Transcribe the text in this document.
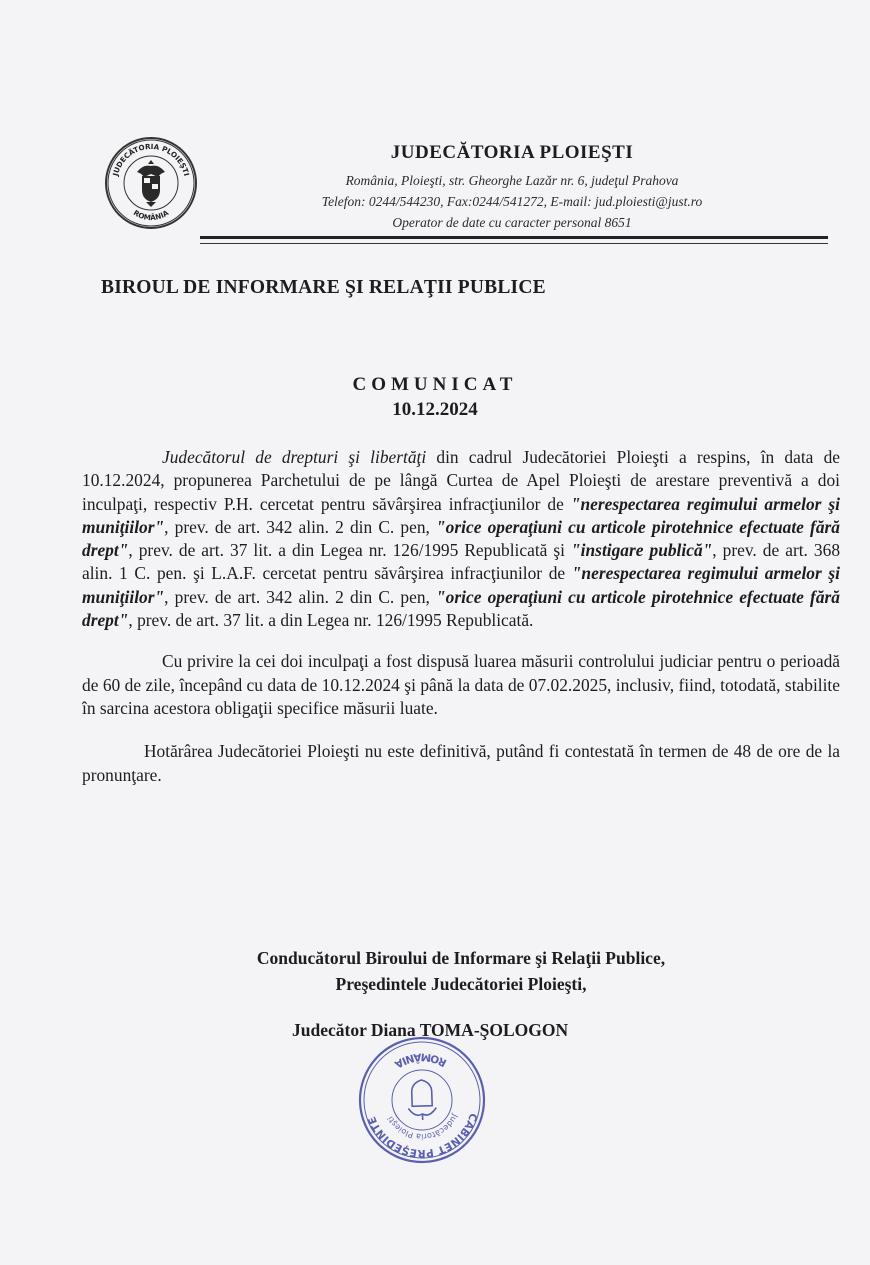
JUDECĂTORIA PLOIEŞTI
ROMÂNIA
JUDECĂTORIA PLOIEŞTI
România, Ploieşti, str. Gheorghe Lazăr nr. 6, judeţul Prahova
Telefon: 0244/544230, Fax:0244/541272, E-mail: jud.ploiesti@just.ro
Operator de date cu caracter personal 8651
BIROUL DE INFORMARE ŞI RELAŢII PUBLICE
COMUNICAT
10.12.2024

Judecătorul de drepturi şi libertăţi din cadrul Judecătoriei Ploieşti a respins, în data de 10.12.2024, propunerea Parchetului de pe lângă Curtea de Apel Ploieşti de arestare preventivă a doi inculpaţi, respectiv P.H. cercetat pentru săvârşirea infracţiunilor de "nerespectarea regimului armelor şi muniţiilor", prev. de art. 342 alin. 2 din C. pen, "orice operaţiuni cu articole pirotehnice efectuate fără drept", prev. de art. 37 lit. a din Legea nr. 126/1995 Republicată şi "instigare publică", prev. de art. 368 alin. 1 C. pen. şi L.A.F. cercetat pentru săvârşirea infracţiunilor de "nerespectarea regimului armelor şi muniţiilor", prev. de art. 342 alin. 2 din C. pen, "orice operaţiuni cu articole pirotehnice efectuate fără drept", prev. de art. 37 lit. a din Legea nr. 126/1995 Republicată.

Cu privire la cei doi inculpaţi a fost dispusă luarea măsurii controlului judiciar pentru o perioadă de 60 de zile, începând cu data de 10.12.2024 şi până la data de 07.02.2025, inclusiv, fiind, totodată, stabilite în sarcina acestora obligaţii specifice măsurii luate.

Hotărârea Judecătoriei Ploieşti nu este definitivă, putând fi contestată în termen de 48 de ore de la pronunţare.

Conducătorul Biroului de Informare şi Relaţii Publice,
Preşedintele Judecătoriei Ploieşti,
Judecător Diana TOMA-ŞOLOGON
CABINET PREŞEDINTE
ROMÂNIA
Judecătoria Ploieşti
